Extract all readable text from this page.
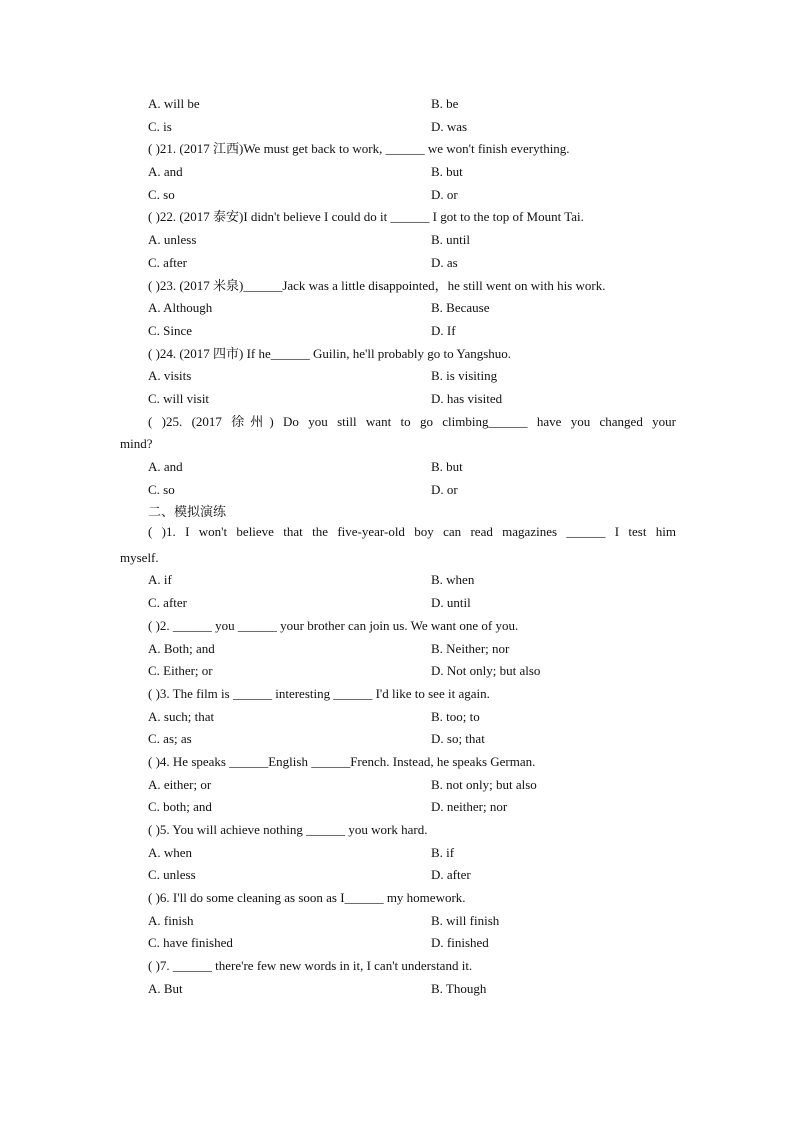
A. will be	B. be
C. is	D. was
( )21. (2017 江西)We must get back to work, ______ we won't finish everything.
A. and	B. but
C. so	D. or
( )22. (2017 泰安)I didn't believe I could do it ______ I got to the top of Mount Tai.
A. unless	B. until
C. after	D. as
( )23. (2017 米泉)______Jack was a little disappointed，he still went on with his work.
A. Although	B. Because
C. Since	D. If
( )24. (2017 四市) If he______ Guilin, he'll probably go to Yangshuo.
A. visits	B. is visiting
C. will visit	D. has visited
( )25. (2017 徐州) Do you still want to go climbing______ have you changed your
mind?
A. and	B. but
C. so	D. or
二、模拟演练
( )1. I won't believe that the five-year-old boy can read magazines ______ I test him
myself.
A. if	B. when
C. after	D. until
( )2. ______ you ______ your brother can join us. We want one of you.
A. Both; and	B. Neither; nor
C. Either; or	D. Not only; but also
( )3. The film is ______ interesting ______ I'd like to see it again.
A. such; that	B. too; to
C. as; as	D. so; that
( )4. He speaks ______English ______French. Instead, he speaks German.
A. either; or	B. not only; but also
C. both; and	D. neither; nor
( )5. You will achieve nothing ______ you work hard.
A. when	B. if
C. unless	D. after
( )6. I'll do some cleaning as soon as I______ my homework.
A. finish	B. will finish
C. have finished	D. finished
( )7. ______ there're few new words in it, I can't understand it.
A. But	B. Though
